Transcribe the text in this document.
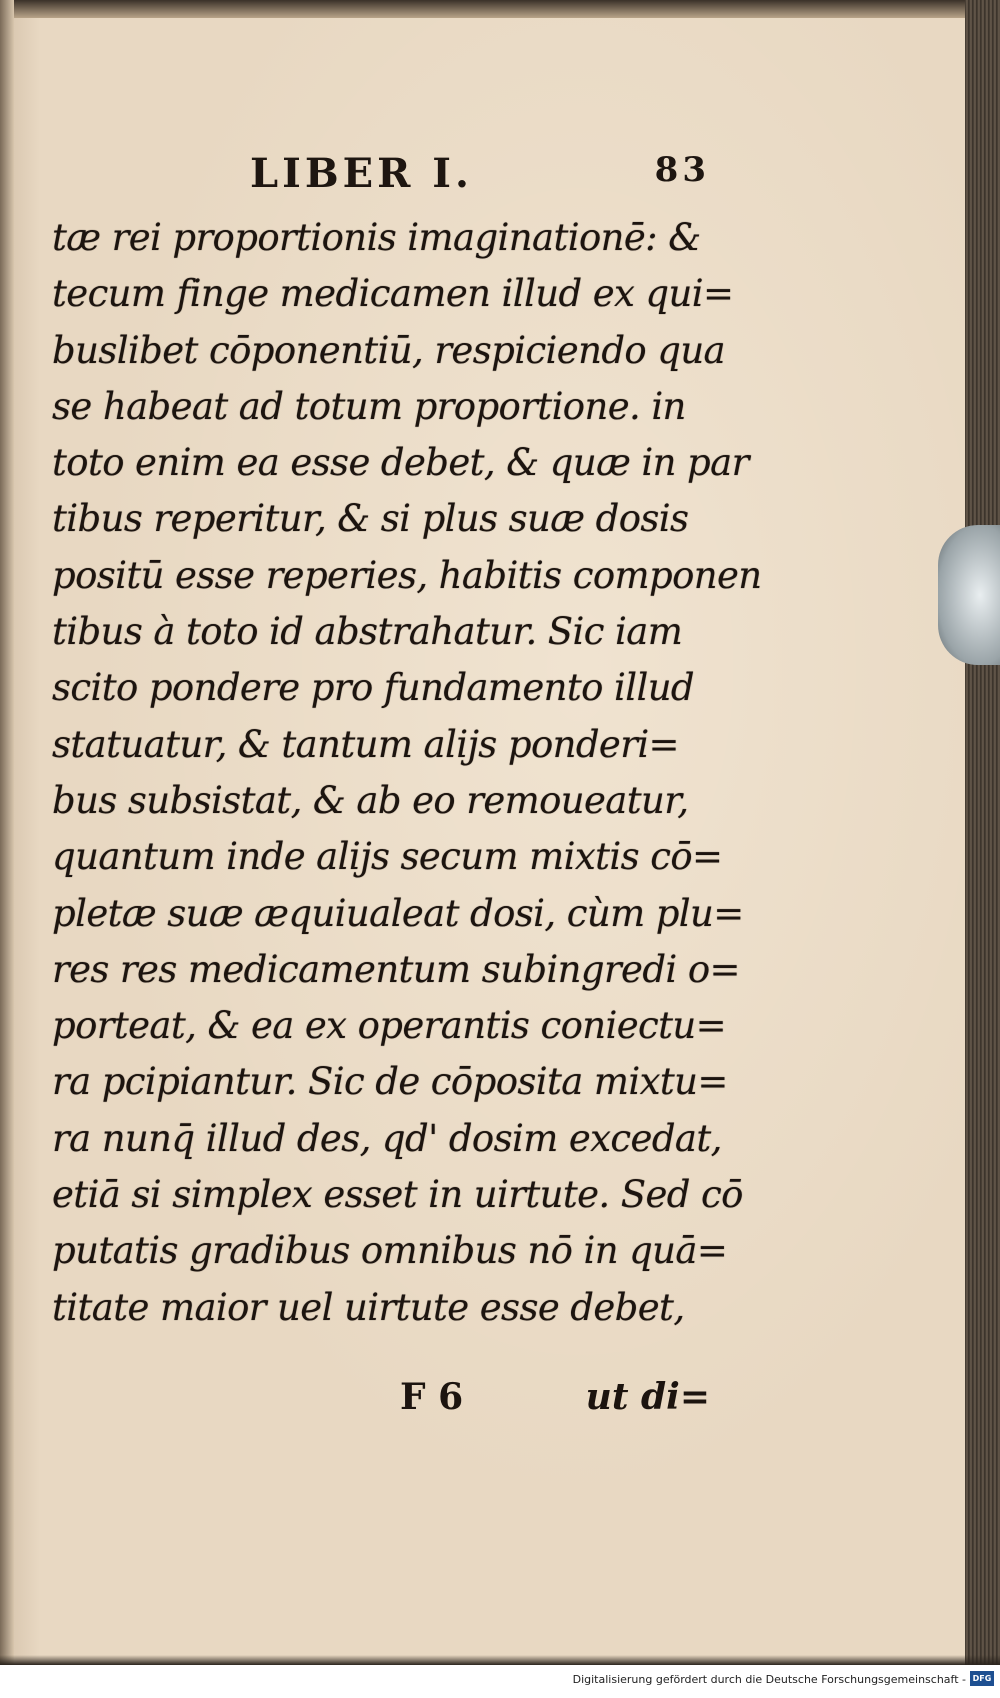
LIBER I.	83
tæ rei proportionis imaginationē: &
tecum finge medicamen illud ex qui=
buslibet cōponentiū, respiciendo qua
se habeat ad totum proportione. in
toto enim ea esse debet, & quæ in par
tibus reperitur, & si plus suæ dosis
positū esse reperies, habitis componen
tibus à toto id abstrahatur. Sic iam
scito pondere pro fundamento illud
statuatur, & tantum alijs ponderi=
bus subsistat, & ab eo remoueatur,
quantum inde alijs secum mixtis cō=
pletæ suæ æquiualeat dosi, cùm plu=
res res medicamentum subingredi o=
porteat, & ea ex operantis coniectu=
ra pcipiantur. Sic de cōposita mixtu=
ra nunq̄ illud des, qd' dosim excedat,
etiā si simplex esset in uirtute. Sed cō
putatis gradibus omnibus nō in quā=
titate maior uel uirtute esse debet,
F 6	ut di=
Digitalisierung gefördert durch die Deutsche Forschungsgemeinschaft - DFG
